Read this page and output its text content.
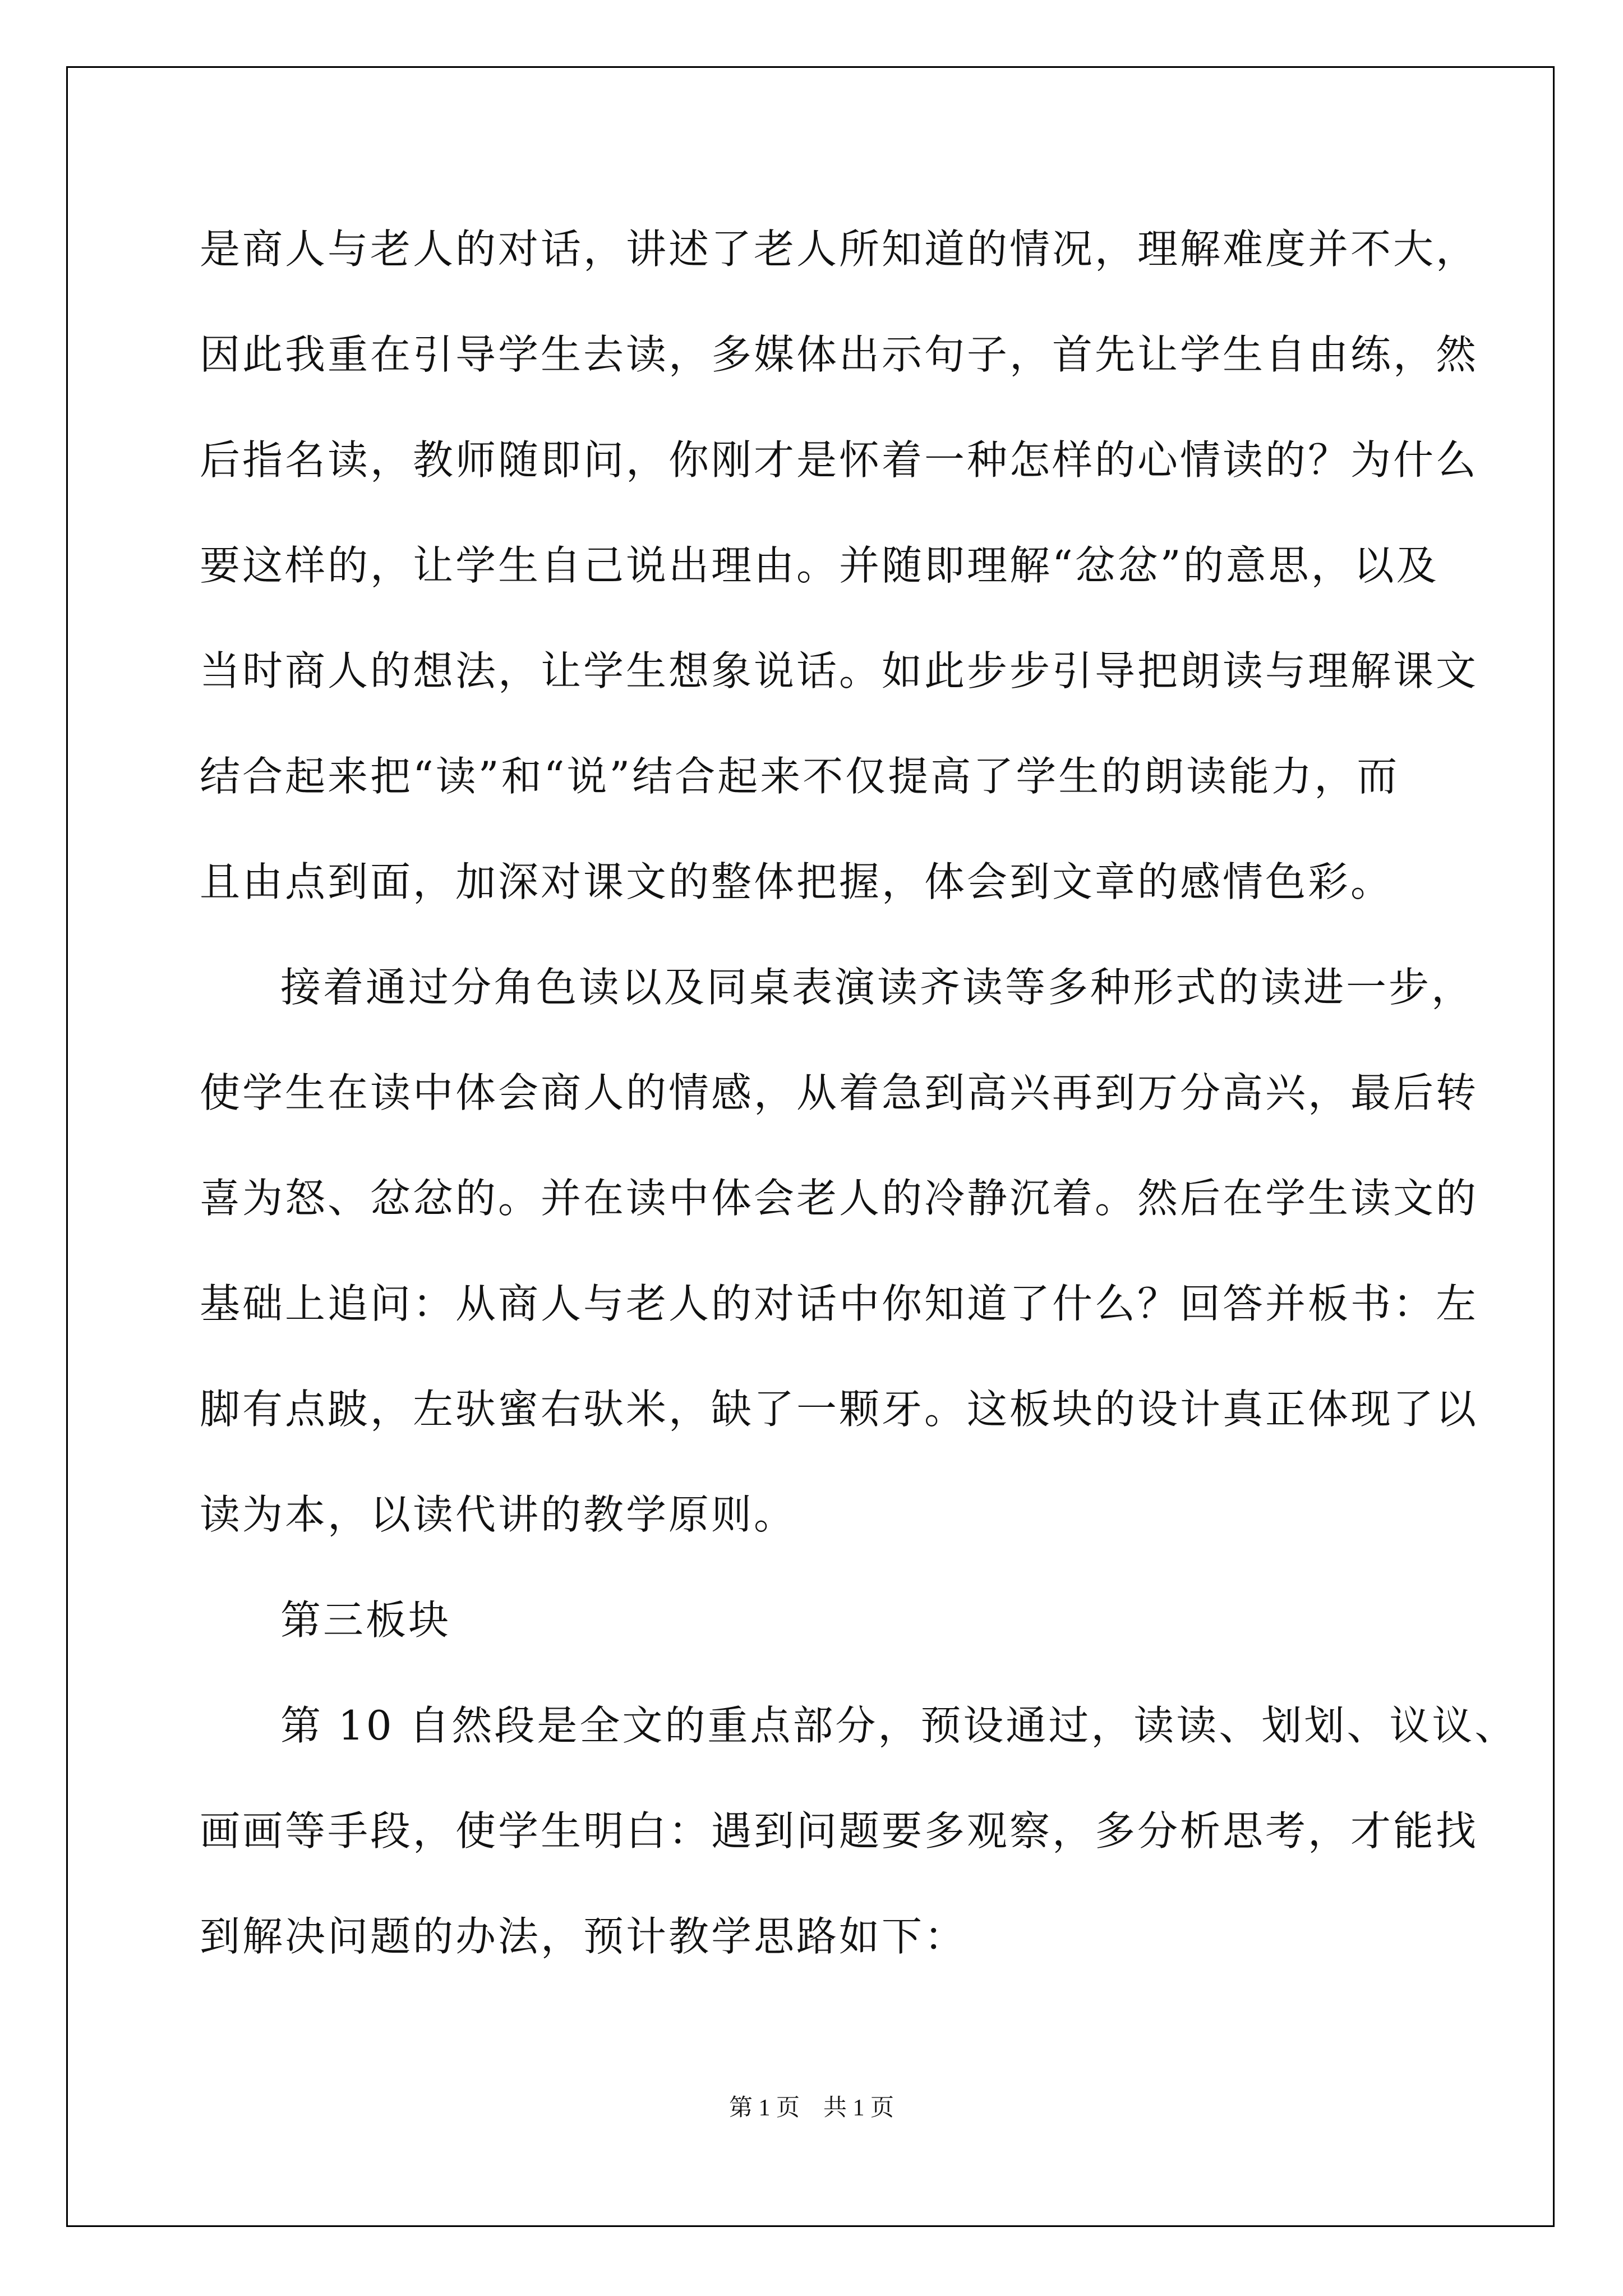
是商人与老人的对话，讲述了老人所知道的情况，理解难度并不大，
因此我重在引导学生去读，多媒体出示句子，首先让学生自由练，然
后指名读，教师随即问，你刚才是怀着一种怎样的心情读的？为什么
要这样的，让学生自己说出理由。并随即理解“忿忿”的意思，以及
当时商人的想法，让学生想象说话。如此步步引导把朗读与理解课文
结合起来把“读”和“说”结合起来不仅提高了学生的朗读能力，而
且由点到面，加深对课文的整体把握，体会到文章的感情色彩。
接着通过分角色读以及同桌表演读齐读等多种形式的读进一步，
使学生在读中体会商人的情感，从着急到高兴再到万分高兴，最后转
喜为怒、忿忿的。并在读中体会老人的冷静沉着。然后在学生读文的
基础上追问：从商人与老人的对话中你知道了什么？回答并板书：左
脚有点跛，左驮蜜右驮米，缺了一颗牙。这板块的设计真正体现了以
读为本，以读代讲的教学原则。
第三板块
第 10 自然段是全文的重点部分，预设通过，读读、划划、议议、
画画等手段，使学生明白：遇到问题要多观察，多分析思考，才能找
到解决问题的办法，预计教学思路如下：
第 1 页　共 1 页
